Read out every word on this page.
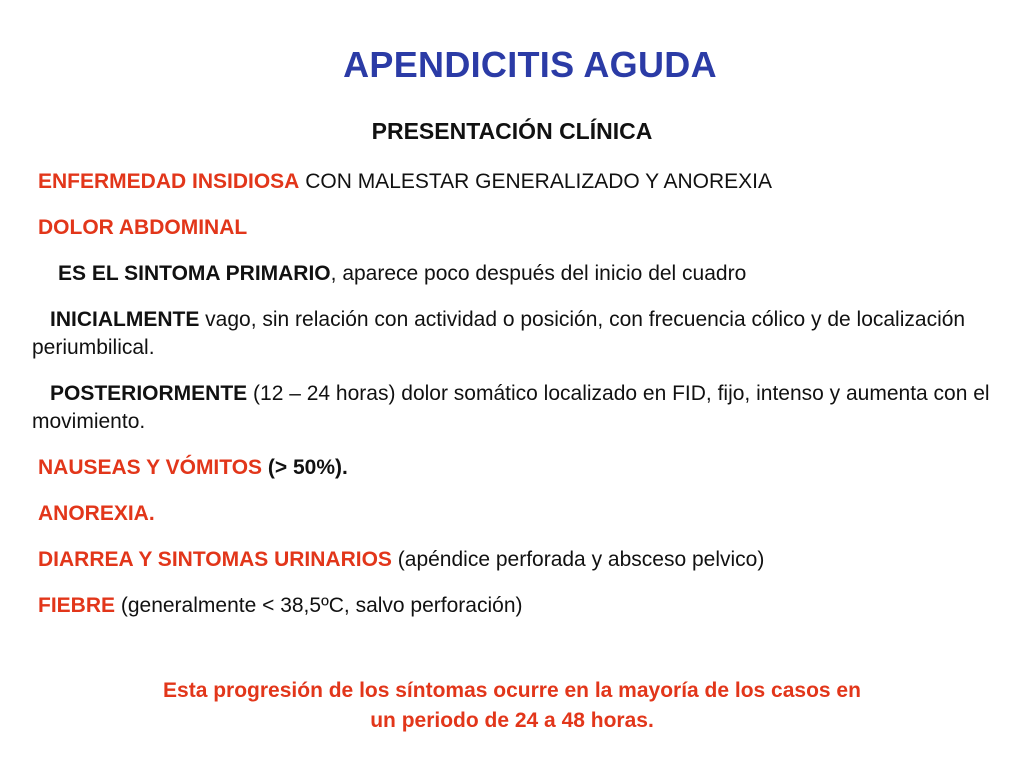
APENDICITIS AGUDA
PRESENTACIÓN CLÍNICA

ENFERMEDAD INSIDIOSA CON MALESTAR GENERALIZADO Y ANOREXIA

DOLOR ABDOMINAL

ES EL SINTOMA PRIMARIO, aparece poco después del inicio del cuadro

INICIALMENTE vago, sin relación con actividad o posición, con frecuencia cólico y de localización periumbilical.

POSTERIORMENTE (12 – 24 horas) dolor somático localizado en FID, fijo, intenso y aumenta con el movimiento.

NAUSEAS Y VÓMITOS (> 50%).

ANOREXIA.

DIARREA Y SINTOMAS URINARIOS (apéndice perforada y absceso pelvico)

FIEBRE (generalmente < 38,5ºC, salvo perforación)

Esta progresión de los síntomas ocurre en la mayoría de los casos en
un periodo de 24 a 48 horas.
